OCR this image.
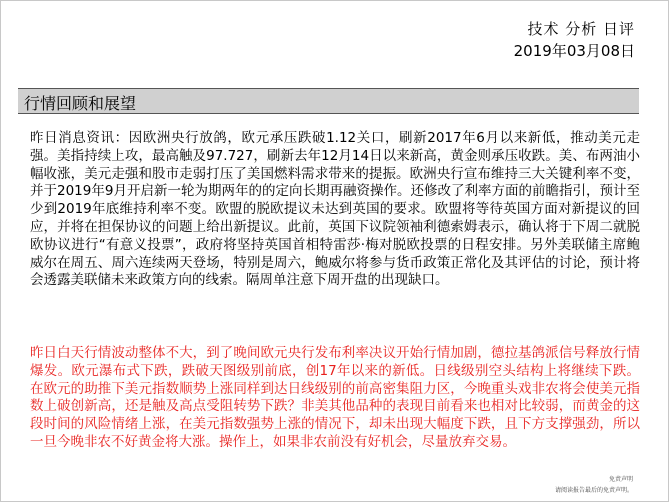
技术 分析 日评
2019年03月08日
行情回顾和展望

昨日消息资讯：因欧洲央行放鸽，欧元承压跌破1.12关口，刷新2017年6月以来新低，推动美元走强。美指持续上攻，最高触及97.727，刷新去年12月14日以来新高，黄金则承压收跌。美、布两油小幅收涨，美元走强和股市走弱打压了美国燃料需求带来的提振。欧洲央行宣布维持三大关键利率不变，并于2019年9月开启新一轮为期两年的的定向长期再融资操作。还修改了利率方面的前瞻指引，预计至少到2019年底维持利率不变。欧盟的脱欧提议未达到英国的要求。欧盟将等待英国方面对新提议的回应，并将在担保协议的问题上给出新提议。此前，英国下议院领袖利德索姆表示，确认将于下周二就脱欧协议进行“有意义投票”，政府将坚持英国首相特雷莎·梅对脱欧投票的日程安排。另外美联储主席鲍威尔在周五、周六连续两天登场，特别是周六，鲍威尔将参与货币政策正常化及其评估的讨论，预计将会透露美联储未来政策方向的线索。隔周单注意下周开盘的出现缺口。

昨日白天行情波动整体不大，到了晚间欧元央行发布利率决议开始行情加剧，德拉基鸽派信号释放行情爆发。欧元瀑布式下跌，跌破天图级别前底，创17年以来的新低。日线级别空头结构上将继续下跌。在欧元的助推下美元指数顺势上涨同样到达日线级别的前高密集阻力区，今晚重头戏非农将会使美元指数上破创新高，还是触及高点受阻转势下跌？非美其他品种的表现目前看来也相对比较弱，而黄金的这段时间的风险情绪上涨，在美元指数强势上涨的情况下，却未出现大幅度下跌，且下方支撑强劲，所以一旦今晚非农不好黄金将大涨。操作上，如果非农前没有好机会，尽量放弃交易。

免责声明
请阅读报告最后的免责声明。
